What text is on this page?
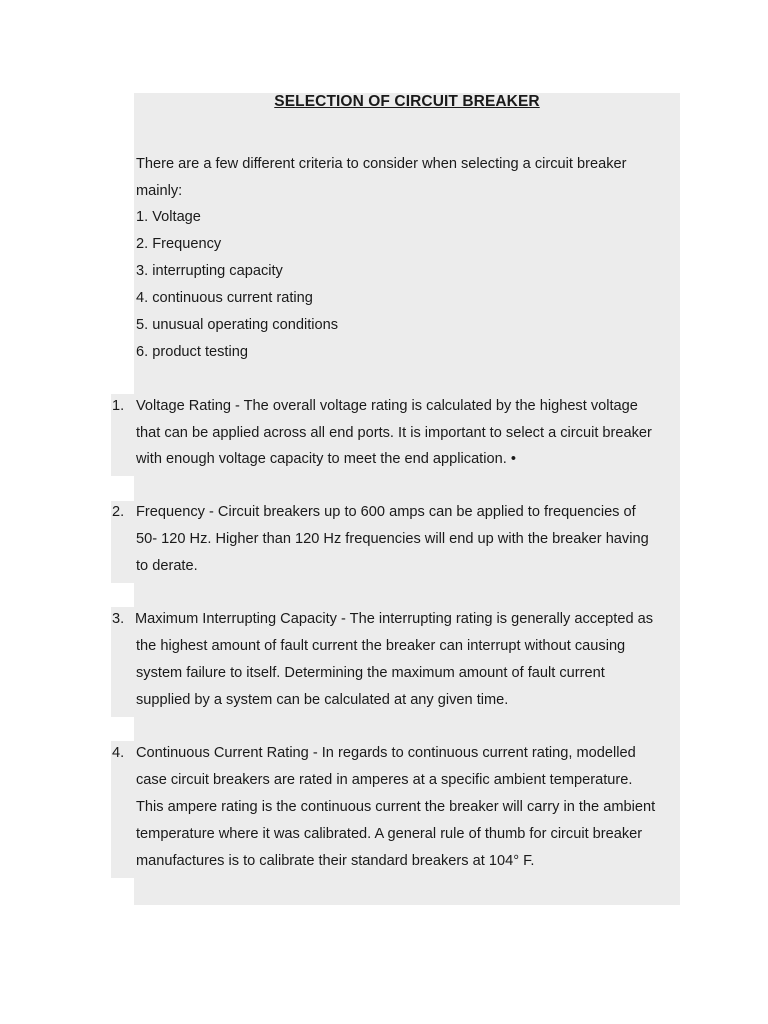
SELECTION OF CIRCUIT BREAKER

There are a few different criteria to consider when selecting a circuit breaker

mainly:

1. Voltage

2. Frequency

3. interrupting capacity

4. continuous current rating

5. unusual operating conditions

6. product testing

1. Voltage Rating - The overall voltage rating is calculated by the highest voltage

that can be applied across all end ports. It is important to select a circuit breaker

with enough voltage capacity to meet the end application. •

2. Frequency - Circuit breakers up to 600 amps can be applied to frequencies of

50- 120 Hz. Higher than 120 Hz frequencies will end up with the breaker having

to derate.

3. Maximum Interrupting Capacity - The interrupting rating is generally accepted as

the highest amount of fault current the breaker can interrupt without causing

system failure to itself. Determining the maximum amount of fault current

supplied by a system can be calculated at any given time.

4. Continuous Current Rating - In regards to continuous current rating, modelled

case circuit breakers are rated in amperes at a specific ambient temperature.

This ampere rating is the continuous current the breaker will carry in the ambient

temperature where it was calibrated. A general rule of thumb for circuit breaker

manufactures is to calibrate their standard breakers at 104° F.
